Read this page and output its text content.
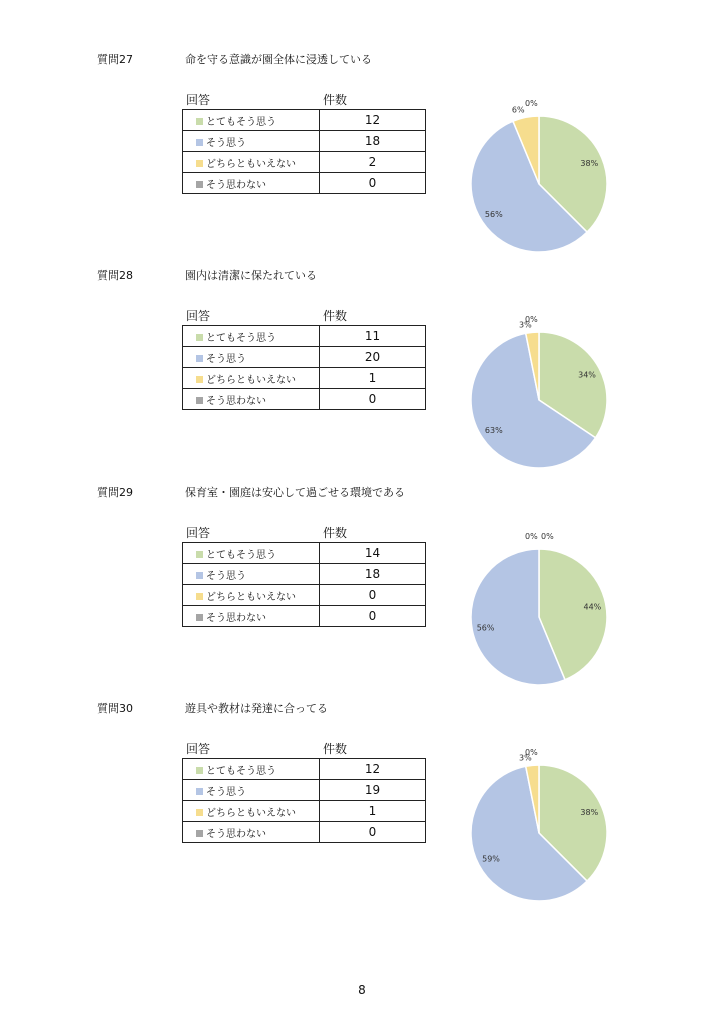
質問27	命を守る意識が園全体に浸透している
回答	件数
とてもそう思う	12
そう思う	18
どちらともいえない	2
そう思わない	0
38%
56%
6%
0%
質問28	園内は清潔に保たれている
回答	件数
とてもそう思う	11
そう思う	20
どちらともいえない	1
そう思わない	0
34%
63%
3%
0%
質問29	保育室・園庭は安心して過ごせる環境である
回答	件数
とてもそう思う	14
そう思う	18
どちらともいえない	0
そう思わない	0
44%
56%
0% 0%
質問30	遊具や教材は発達に合ってる
回答	件数
とてもそう思う	12
そう思う	19
どちらともいえない	1
そう思わない	0
38%
59%
3%
0%
8
